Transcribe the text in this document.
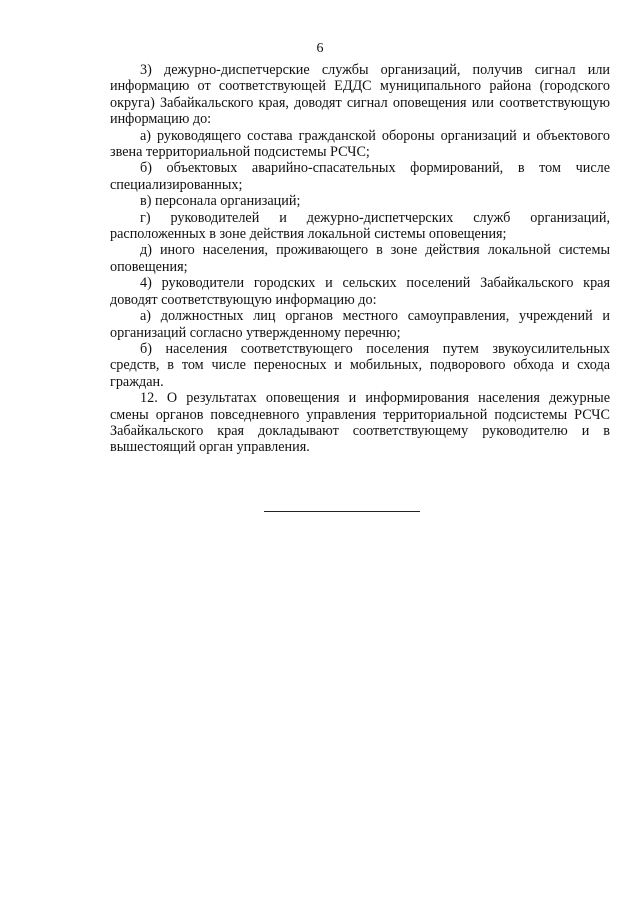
6

3) дежурно-диспетчерские службы организаций, получив сигнал или информацию от соответствующей ЕДДС муниципального района (городского округа) Забайкальского края, доводят сигнал оповещения или соответствующую информацию до:

а) руководящего состава гражданской обороны организаций и объектового звена территориальной подсистемы РСЧС;

б) объектовых аварийно-спасательных формирований, в том числе специализированных;

в) персонала организаций;

г) руководителей и дежурно-диспетчерских служб организаций, расположенных в зоне действия локальной системы оповещения;

д) иного населения, проживающего в зоне действия локальной системы оповещения;

4) руководители городских и сельских поселений Забайкальского края доводят соответствующую информацию до:

а) должностных лиц органов местного самоуправления, учреждений и организаций согласно утвержденному перечню;

б) населения соответствующего поселения путем звукоусилительных средств, в том числе переносных и мобильных, подворового обхода и схода граждан.

12. О результатах оповещения и информирования населения дежурные смены органов повседневного управления территориальной подсистемы РСЧС Забайкальского края докладывают соответствующему руководителю и в вышестоящий орган управления.
